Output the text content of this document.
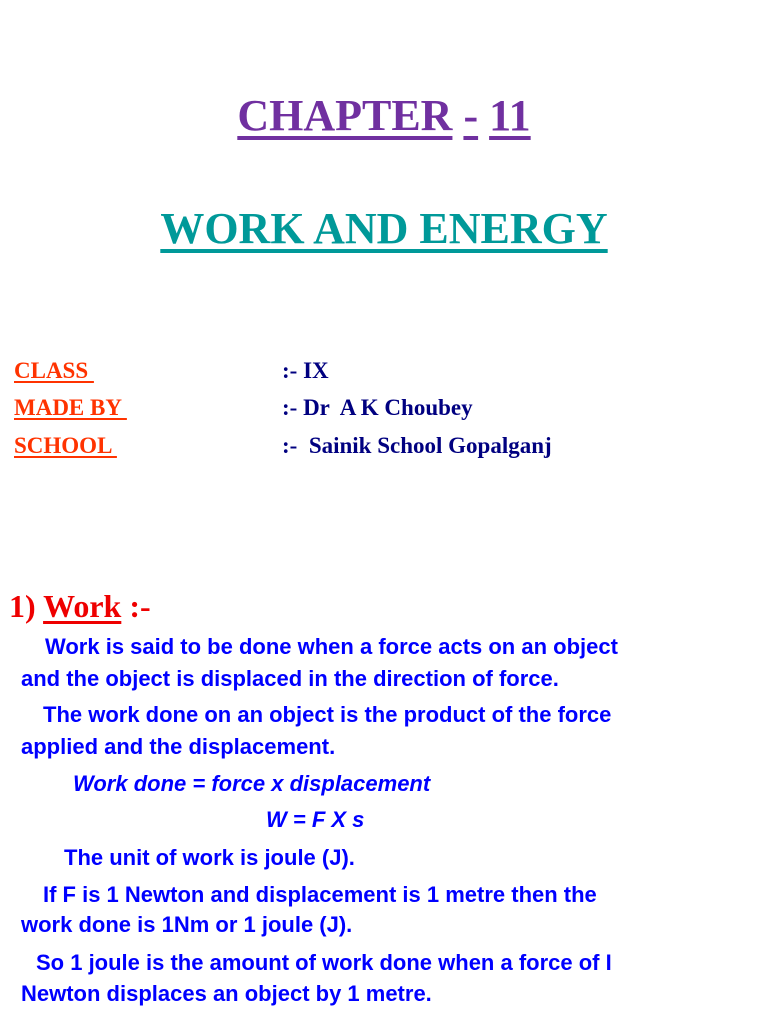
CHAPTER - 11
WORK AND ENERGY
CLASS	:- IX
MADE BY	:- Dr  A K Choubey
SCHOOL	:-  Sainik School Gopalganj
1) Work :-
Work is said to be done when a force acts on an object
and the object is displaced in the direction of force.
The work done on an object is the product of the force
applied and the displacement.
Work done = force x displacement
W = F X s
The unit of work is joule (J).
If F is 1 Newton and displacement is 1 metre then the
work done is 1Nm or 1 joule (J).
So 1 joule is the amount of work done when a force of I
Newton displaces an object by 1 metre.
